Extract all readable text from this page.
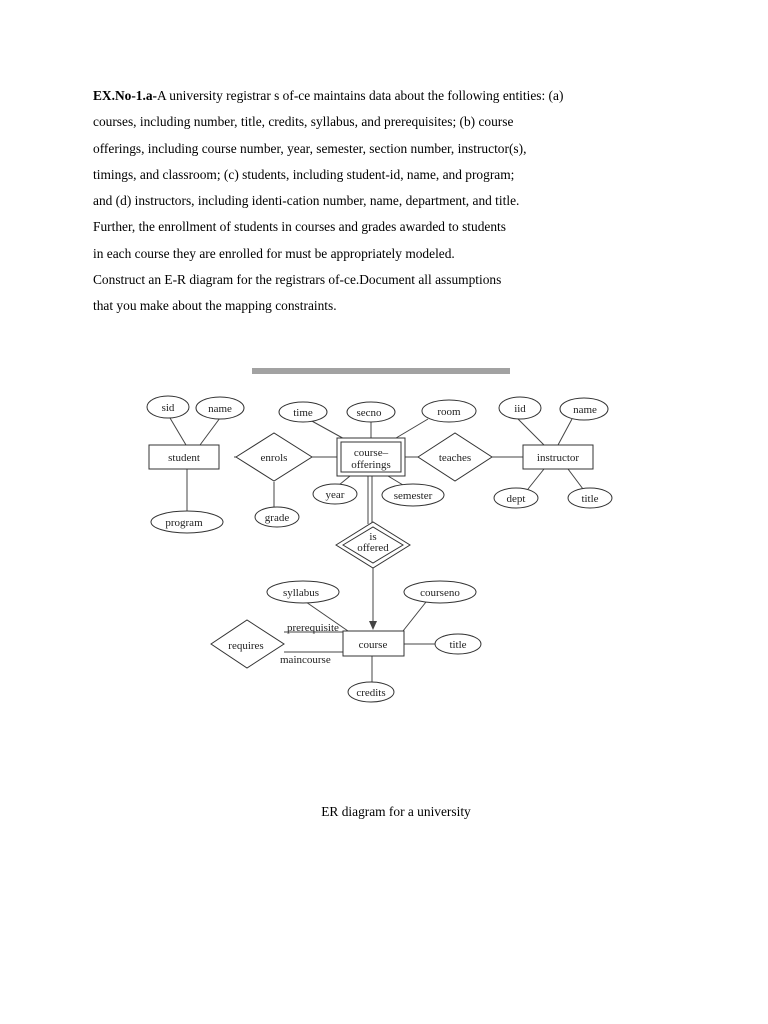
EX.No-1.a-A university registrar s of-ce maintains data about the following entities: (a)
courses, including number, title, credits, syllabus, and prerequisites; (b) course
offerings, including course number, year, semester, section number, instructor(s),
timings, and classroom; (c) students, including student-id, name, and program;
and (d) instructors, including identi-cation number, name, department, and title.
Further, the enrollment of students in courses and grades awarded to students
in each course they are enrolled for must be appropriately modeled.
Construct an E-R diagram for the registrars of-ce.Document all assumptions
that you make about the mapping constraints.
student	course–
offerings
instructor
course
enrols	teaches
is
offered
requires
sid	name
program	grade
time	secno	room
year	semester
iid	name
dept	title
syllabus	courseno
title
credits
prerequisite
maincourse
ER diagram for a university
